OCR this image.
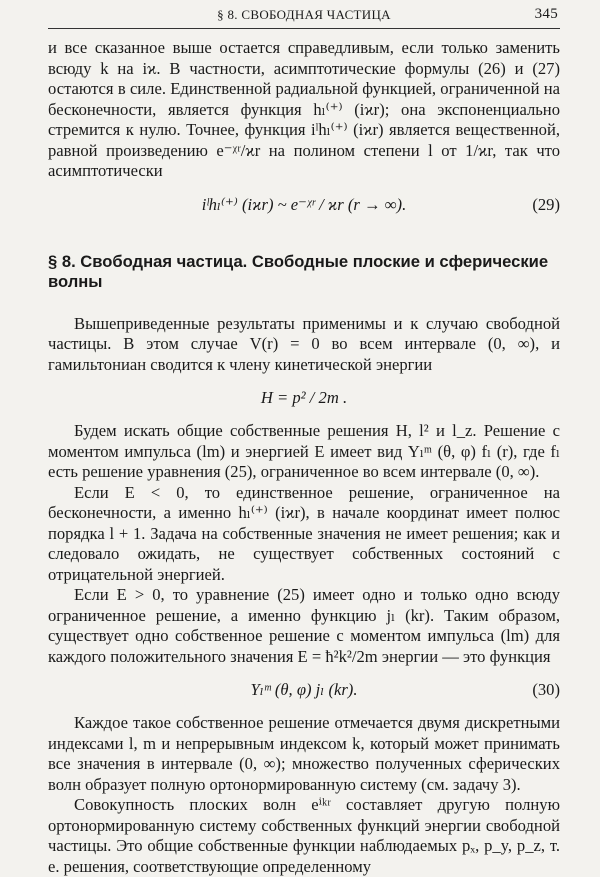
§ 8. СВОБОДНАЯ ЧАСТИЦА	345

и все сказанное выше остается справедливым, если только заменить всюду k на iϰ. В частности, асимптотические формулы (26) и (27) остаются в силе. Единственной радиальной функцией, ограниченной на бесконечности, является функция hₗ⁽⁺⁾ (iϰr); она экспоненциально стремится к нулю. Точнее, функция iˡhₗ⁽⁺⁾ (iϰr) является вещественной, равной произведению e⁻ᵡʳ/ϰr на полином степени l от 1/ϰr, так что асимптотически

iˡhₗ⁽⁺⁾ (iϰr) ~ e⁻ᵡʳ / ϰr (r → ∞).	(29)

§ 8. Свободная частица. Свободные плоские и сферические волны

Вышеприведенные результаты применимы и к случаю свободной частицы. В этом случае V(r) = 0 во всем интервале (0, ∞), и гамильтониан сводится к члену кинетической энергии

H = p² / 2m .

Будем искать общие собственные решения H, l² и l_z. Решение с моментом импульса (lm) и энергией E имеет вид Yₗᵐ (θ, φ) fₗ (r), где fₗ есть решение уравнения (25), ограниченное во всем интервале (0, ∞).

Если E < 0, то единственное решение, ограниченное на бесконечности, а именно hₗ⁽⁺⁾ (iϰr), в начале координат имеет полюс порядка l + 1. Задача на собственные значения не имеет решения; как и следовало ожидать, не существует собственных состояний с отрицательной энергией.

Если E > 0, то уравнение (25) имеет одно и только одно всюду ограниченное решение, а именно функцию jₗ (kr). Таким образом, существует одно собственное решение с моментом импульса (lm) для каждого положительного значения E = ħ²k²/2m энергии — это функция

Yₗᵐ (θ, φ) jₗ (kr).	(30)

Каждое такое собственное решение отмечается двумя дискретными индексами l, m и непрерывным индексом k, который может принимать все значения в интервале (0, ∞); множество полученных сферических волн образует полную ортонормированную систему (см. задачу 3).

Совокупность плоских волн eⁱᵏʳ составляет другую полную ортонормированную систему собственных функций энергии свободной частицы. Это общие собственные функции наблюдаемых pₓ, p_y, p_z, т. е. решения, соответствующие определенному
